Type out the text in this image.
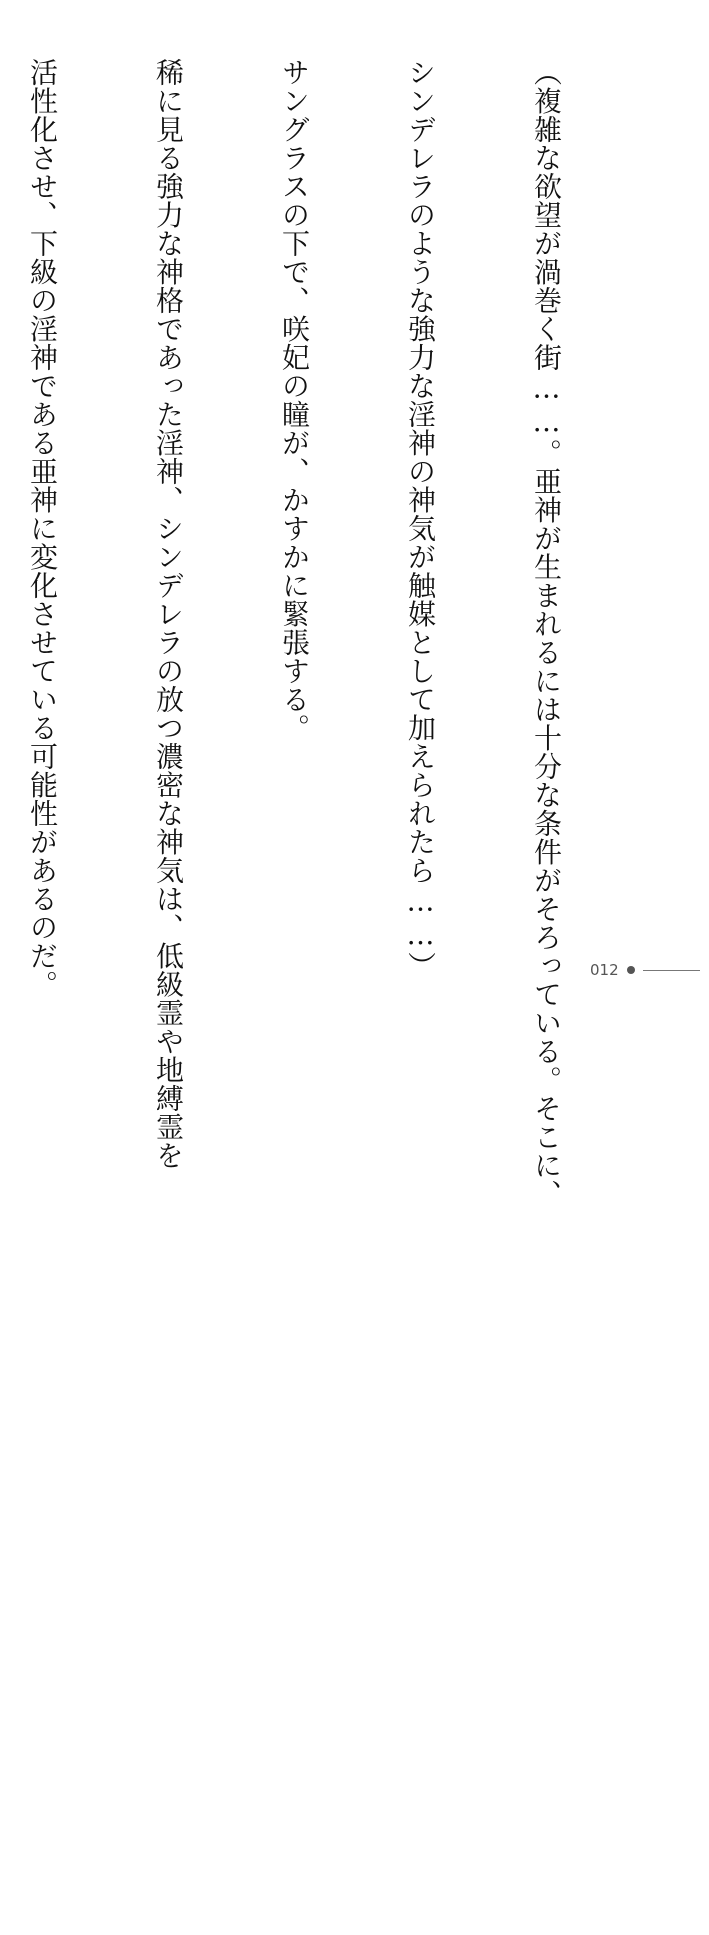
（複雑な欲望が渦巻く街……。亜神が生まれるには十分な条件がそろっている。そこに、

シンデレラのような強力な淫神の神気が触媒として加えられたら……）

サングラスの下で、咲妃の瞳が、かすかに緊張する。

稀に見る強力な神格であった淫神、シンデレラの放つ濃密な神気は、低級霊や地縛霊を

活性化させ、下級の淫神である亜神に変化させている可能性があるのだ。

	012
